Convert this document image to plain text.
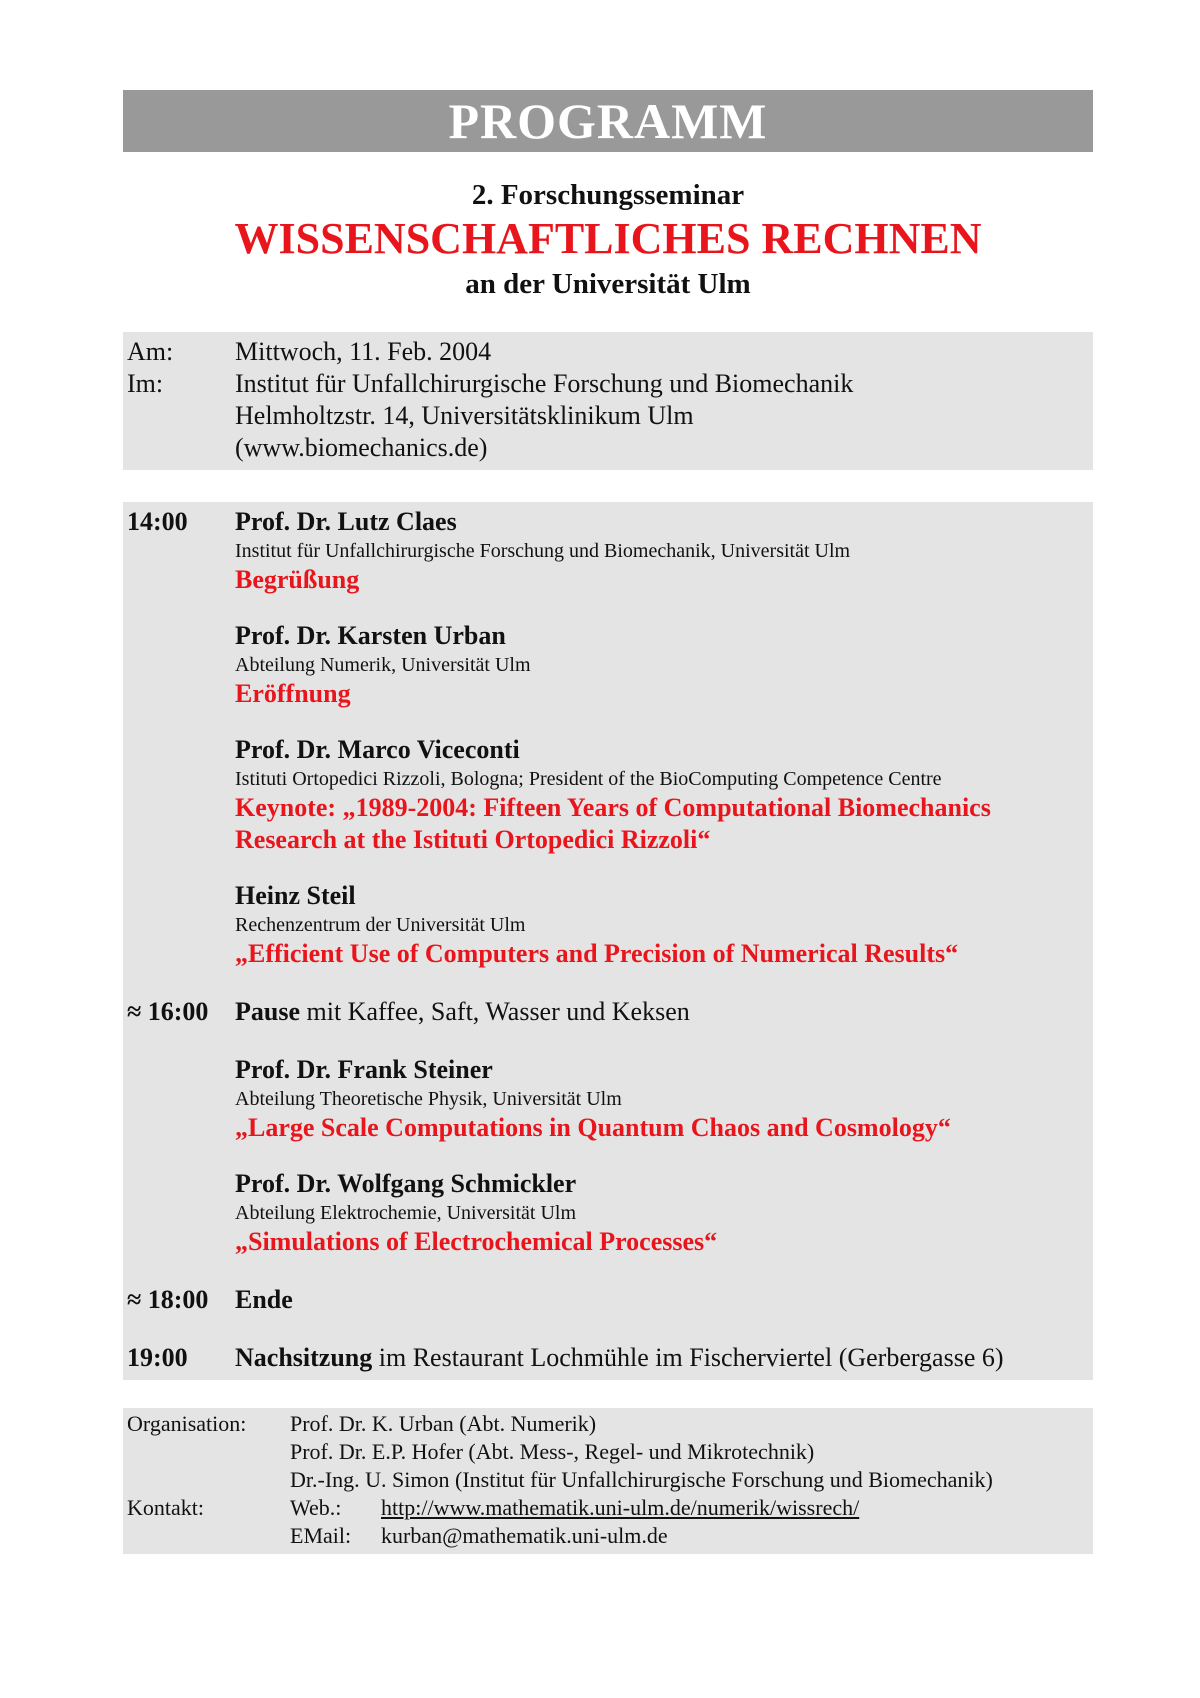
PROGRAMM
2. Forschungsseminar
WISSENSCHAFTLICHES RECHNEN
an der Universität Ulm
Am:	Mittwoch, 11. Feb. 2004
Im:	Institut für Unfallchirurgische Forschung und Biomechanik
Helmholtzstr. 14, Universitätsklinikum Ulm
(www.biomechanics.de)
14:00	Prof. Dr. Lutz Claes
Institut für Unfallchirurgische Forschung und Biomechanik, Universität Ulm
Begrüßung
Prof. Dr. Karsten Urban
Abteilung Numerik, Universität Ulm
Eröffnung
Prof. Dr. Marco Viceconti
Istituti Ortopedici Rizzoli, Bologna; President of the BioComputing Competence Centre
Keynote: „1989-2004: Fifteen Years of Computational Biomechanics
Research at the Istituti Ortopedici Rizzoli“
Heinz Steil
Rechenzentrum der Universität Ulm
„Efficient Use of Computers and Precision of Numerical Results“
≈ 16:00	Pause mit Kaffee, Saft, Wasser und Keksen
Prof. Dr. Frank Steiner
Abteilung Theoretische Physik, Universität Ulm
„Large Scale Computations in Quantum Chaos and Cosmology“
Prof. Dr. Wolfgang Schmickler
Abteilung Elektrochemie, Universität Ulm
„Simulations of Electrochemical Processes“
≈ 18:00	Ende
19:00	Nachsitzung im Restaurant Lochmühle im Fischerviertel (Gerbergasse 6)
Organisation:	Prof. Dr. K. Urban (Abt. Numerik)
Prof. Dr. E.P. Hofer (Abt. Mess-, Regel- und Mikrotechnik)
Dr.-Ing. U. Simon (Institut für Unfallchirurgische Forschung und Biomechanik)
Kontakt:	Web.:	http://www.mathematik.uni-ulm.de/numerik/wissrech/
EMail:	kurban@mathematik.uni-ulm.de
